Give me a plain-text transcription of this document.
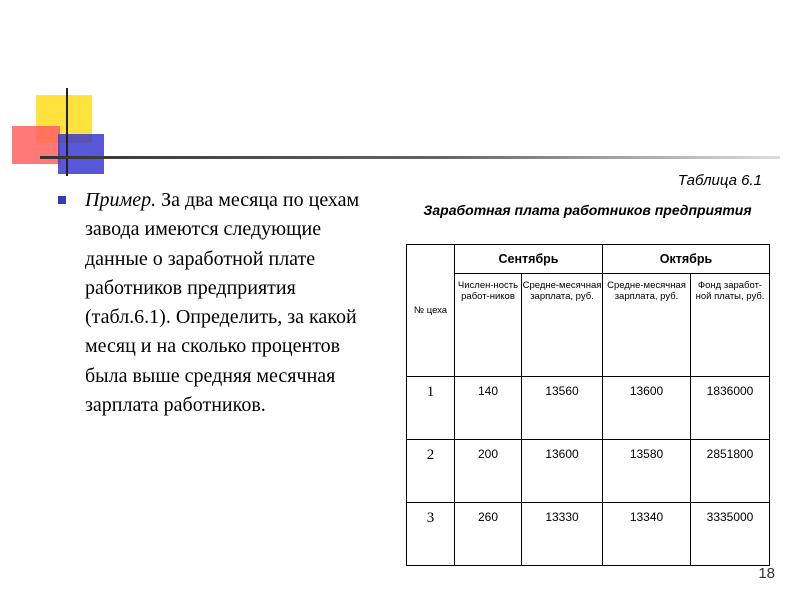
Пример. За два месяца по цехам завода имеются следующие данные о заработной плате работников предприятия (табл.6.1). Определить, за какой месяц и на сколько процентов была выше средняя месячная зарплата работников.
Таблица 6.1
Заработная плата работников предприятия
№ цеха	Сентябрь		Октябрь	
	Числен-ность работ-ников	Средне-месячная зарплата, руб.	Средне-месячная зарплата, руб.	Фонд заработ-ной платы, руб.
1	140	13560	13600	1836000
2	200	13600	13580	2851800
3	260	13330	13340	3335000
18
